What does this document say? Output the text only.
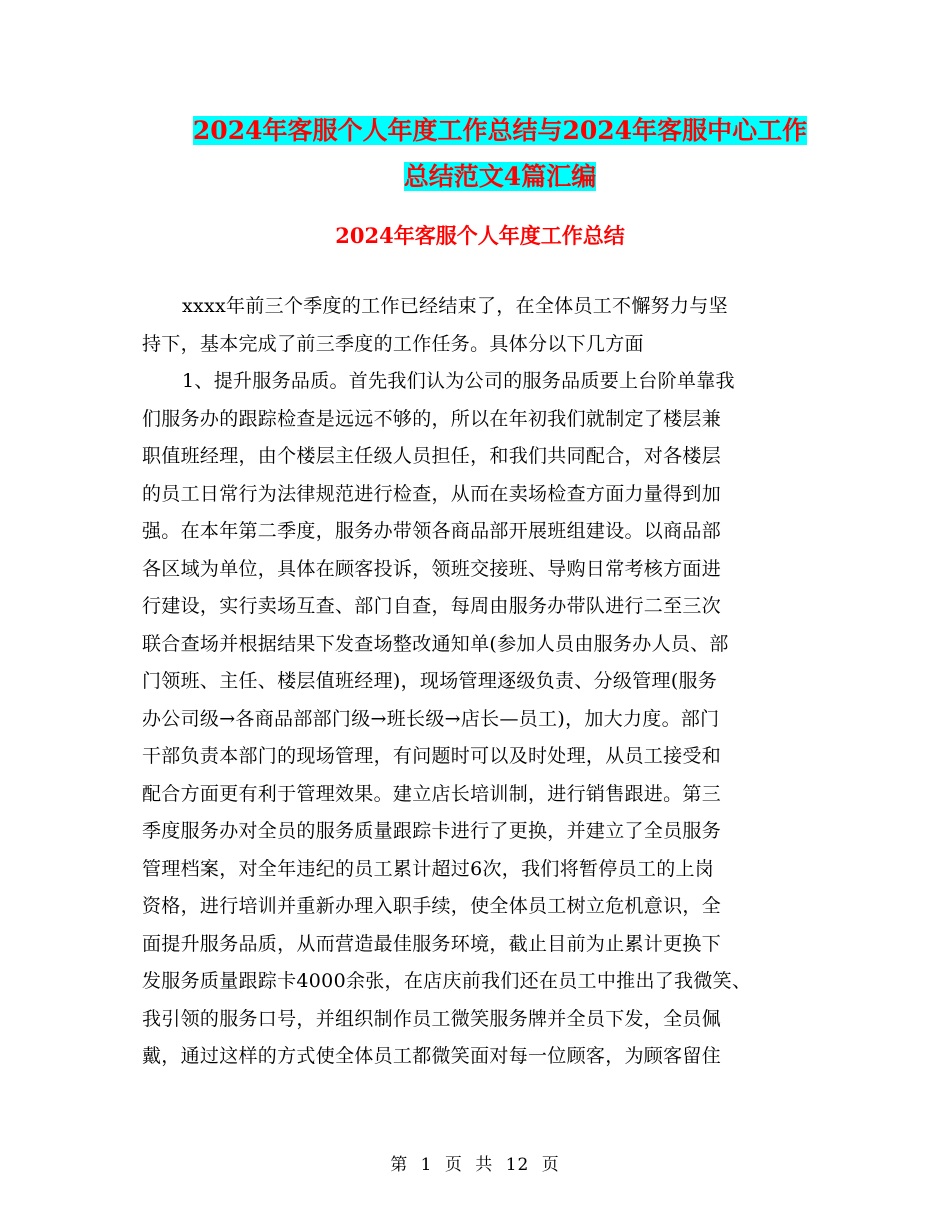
2024年客服个人年度工作总结与2024年客服中心工作
总结范文4篇汇编
2024年客服个人年度工作总结
xxxx年前三个季度的工作已经结束了，在全体员工不懈努力与坚
持下，基本完成了前三季度的工作任务。具体分以下几方面
1、提升服务品质。首先我们认为公司的服务品质要上台阶单靠我
们服务办的跟踪检查是远远不够的，所以在年初我们就制定了楼层兼
职值班经理，由个楼层主任级人员担任，和我们共同配合，对各楼层
的员工日常行为法律规范进行检查，从而在卖场检查方面力量得到加
强。在本年第二季度，服务办带领各商品部开展班组建设。以商品部
各区域为单位，具体在顾客投诉，领班交接班、导购日常考核方面进
行建设，实行卖场互查、部门自查，每周由服务办带队进行二至三次
联合查场并根据结果下发查场整改通知单(参加人员由服务办人员、部
门领班、主任、楼层值班经理)，现场管理逐级负责、分级管理(服务
办公司级→各商品部部门级→班长级→店长—员工)，加大力度。部门
干部负责本部门的现场管理，有问题时可以及时处理，从员工接受和
配合方面更有利于管理效果。建立店长培训制，进行销售跟进。第三
季度服务办对全员的服务质量跟踪卡进行了更换，并建立了全员服务
管理档案，对全年违纪的员工累计超过6次，我们将暂停员工的上岗
资格，进行培训并重新办理入职手续，使全体员工树立危机意识，全
面提升服务品质，从而营造最佳服务环境，截止目前为止累计更换下
发服务质量跟踪卡4000余张，在店庆前我们还在员工中推出了我微笑、
我引领的服务口号，并组织制作员工微笑服务牌并全员下发，全员佩
戴，通过这样的方式使全体员工都微笑面对每一位顾客，为顾客留住
第 1 页 共 12 页
